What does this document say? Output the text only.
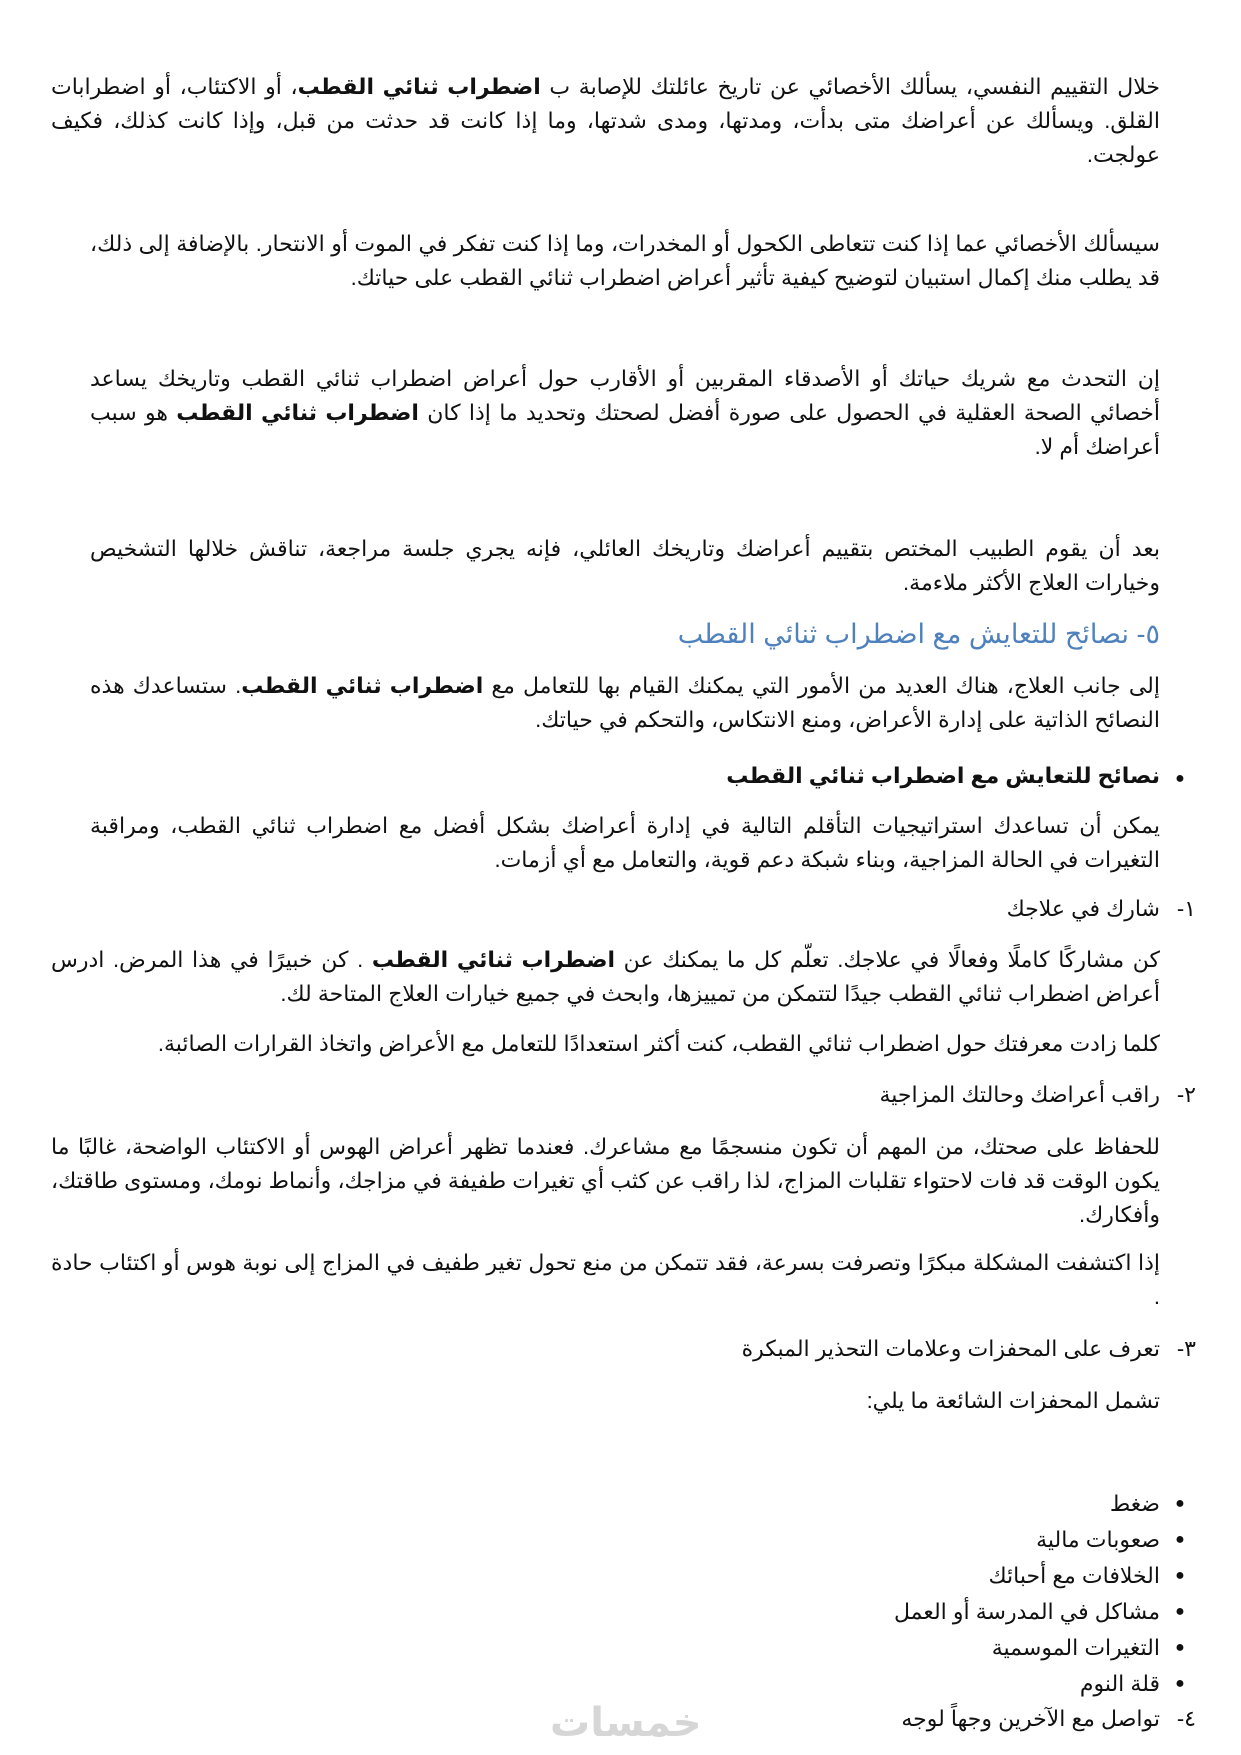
خلال التقييم النفسي، يسألك الأخصائي عن تاريخ عائلتك للإصابة ب اضطراب ثنائي القطب، أو الاكتئاب، أو اضطرابات القلق. ويسألك عن أعراضك متى بدأت، ومدتها، ومدى شدتها، وما إذا كانت قد حدثت من قبل، وإذا كانت كذلك، فكيف عولجت.

سيسألك الأخصائي عما إذا كنت تتعاطى الكحول أو المخدرات، وما إذا كنت تفكر في الموت أو الانتحار. بالإضافة إلى ذلك، قد يطلب منك إكمال استبيان لتوضيح كيفية تأثير أعراض اضطراب ثنائي القطب على حياتك.

إن التحدث مع شريك حياتك أو الأصدقاء المقربين أو الأقارب حول أعراض اضطراب ثنائي القطب وتاريخك يساعد أخصائي الصحة العقلية في الحصول على صورة أفضل لصحتك وتحديد ما إذا كان اضطراب ثنائي القطب هو سبب أعراضك أم لا.

بعد أن يقوم الطبيب المختص بتقييم أعراضك وتاريخك العائلي، فإنه يجري جلسة مراجعة، تناقش خلالها التشخيص وخيارات العلاج الأكثر ملاءمة.

٥- نصائح للتعايش مع اضطراب ثنائي القطب

إلى جانب العلاج، هناك العديد من الأمور التي يمكنك القيام بها للتعامل مع اضطراب ثنائي القطب. ستساعدك هذه النصائح الذاتية على إدارة الأعراض، ومنع الانتكاس، والتحكم في حياتك.

●نصائح للتعايش مع اضطراب ثنائي القطب

يمكن أن تساعدك استراتيجيات التأقلم التالية في إدارة أعراضك بشكل أفضل مع اضطراب ثنائي القطب، ومراقبة التغيرات في الحالة المزاجية، وبناء شبكة دعم قوية، والتعامل مع أي أزمات.

١-شارك في علاجك

كن مشاركًا كاملًا وفعالًا في علاجك. تعلّم كل ما يمكنك عن اضطراب ثنائي القطب . كن خبيرًا في هذا المرض. ادرس أعراض اضطراب ثنائي القطب جيدًا لتتمكن من تمييزها، وابحث في جميع خيارات العلاج المتاحة لك.

كلما زادت معرفتك حول اضطراب ثنائي القطب، كنت أكثر استعدادًا للتعامل مع الأعراض واتخاذ القرارات الصائبة.

٢-راقب أعراضك وحالتك المزاجية

للحفاظ على صحتك، من المهم أن تكون منسجمًا مع مشاعرك. فعندما تظهر أعراض الهوس أو الاكتئاب الواضحة، غالبًا ما يكون الوقت قد فات لاحتواء تقلبات المزاج، لذا راقب عن كثب أي تغيرات طفيفة في مزاجك، وأنماط نومك، ومستوى طاقتك، وأفكارك.

إذا اكتشفت المشكلة مبكرًا وتصرفت بسرعة، فقد تتمكن من منع تحول تغير طفيف في المزاج إلى نوبة هوس أو اكتئاب حادة .

٣-تعرف على المحفزات وعلامات التحذير المبكرة

تشمل المحفزات الشائعة ما يلي:

●
ضغط
●
صعوبات مالية
●
الخلافات مع أحبائك
●
مشاكل في المدرسة أو العمل
●
التغيرات الموسمية
●
قلة النوم
٤-تواصل مع الآخرين وجهاً لوجه
خمسات
